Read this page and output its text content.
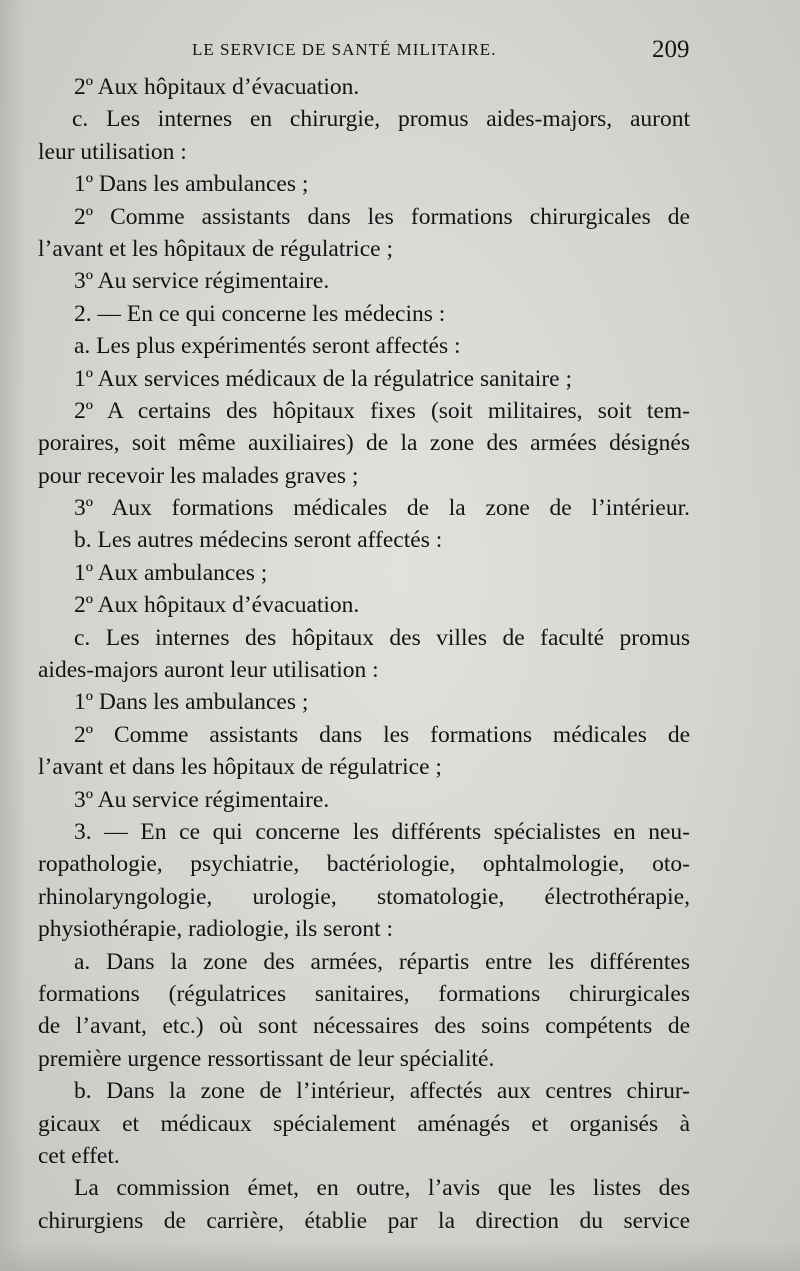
LE SERVICE DE SANTÉ MILITAIRE.	209
2º Aux hôpitaux d’évacuation.
c. Les internes en chirurgie, promus aides-majors, auront
leur utilisation :
1º Dans les ambulances ;
2º Comme assistants dans les formations chirurgicales de
l’avant et les hôpitaux de régulatrice ;
3º Au service régimentaire.
2. — En ce qui concerne les médecins :
a. Les plus expérimentés seront affectés :
1º Aux services médicaux de la régulatrice sanitaire ;
2º A certains des hôpitaux fixes (soit militaires, soit tem-
poraires, soit même auxiliaires) de la zone des armées désignés
pour recevoir les malades graves ;
3º Aux formations médicales de la zone de l’intérieur.
b. Les autres médecins seront affectés :
1º Aux ambulances ;
2º Aux hôpitaux d’évacuation.
c. Les internes des hôpitaux des villes de faculté promus
aides-majors auront leur utilisation :
1º Dans les ambulances ;
2º Comme assistants dans les formations médicales de
l’avant et dans les hôpitaux de régulatrice ;
3º Au service régimentaire.
3. — En ce qui concerne les différents spécialistes en neu-
ropathologie, psychiatrie, bactériologie, ophtalmologie, oto-
rhinolaryngologie, urologie, stomatologie, électrothérapie,
physiothérapie, radiologie, ils seront :
a. Dans la zone des armées, répartis entre les différentes
formations (régulatrices sanitaires, formations chirurgicales
de l’avant, etc.) où sont nécessaires des soins compétents de
première urgence ressortissant de leur spécialité.
b. Dans la zone de l’intérieur, affectés aux centres chirur-
gicaux et médicaux spécialement aménagés et organisés à
cet effet.
La commission émet, en outre, l’avis que les listes des
chirurgiens de carrière, établie par la direction du service
